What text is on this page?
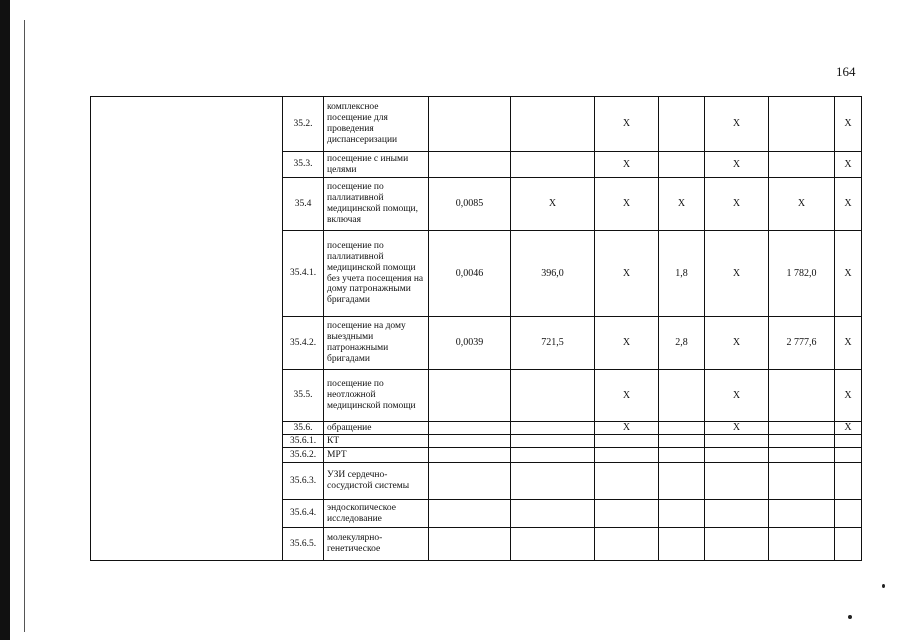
164
	35.2.	комплексное посещение для проведения диспансеризации			Х		Х		Х
	35.3.	посещение с иными целями			Х		Х		Х
	35.4	посещение по паллиативной медицинской помощи, включая	0,0085	Х	Х	Х	Х	Х	Х
	35.4.1.	посещение по паллиативной медицинской помощи без учета посещения на дому патронажными бригадами	0,0046	396,0	Х	1,8	Х	1 782,0	Х
	35.4.2.	посещение на дому выездными патронажными бригадами	0,0039	721,5	Х	2,8	Х	2 777,6	Х
	35.5.	посещение по неотложной медицинской помощи			Х		Х		Х
	35.6.	обращение			Х		Х		Х
	35.6.1.	КТ							
	35.6.2.	МРТ							
	35.6.3.	УЗИ сердечно-сосудистой системы							
	35.6.4.	эндоскопическое исследование							
	35.6.5.	молекулярно-генетическое							
